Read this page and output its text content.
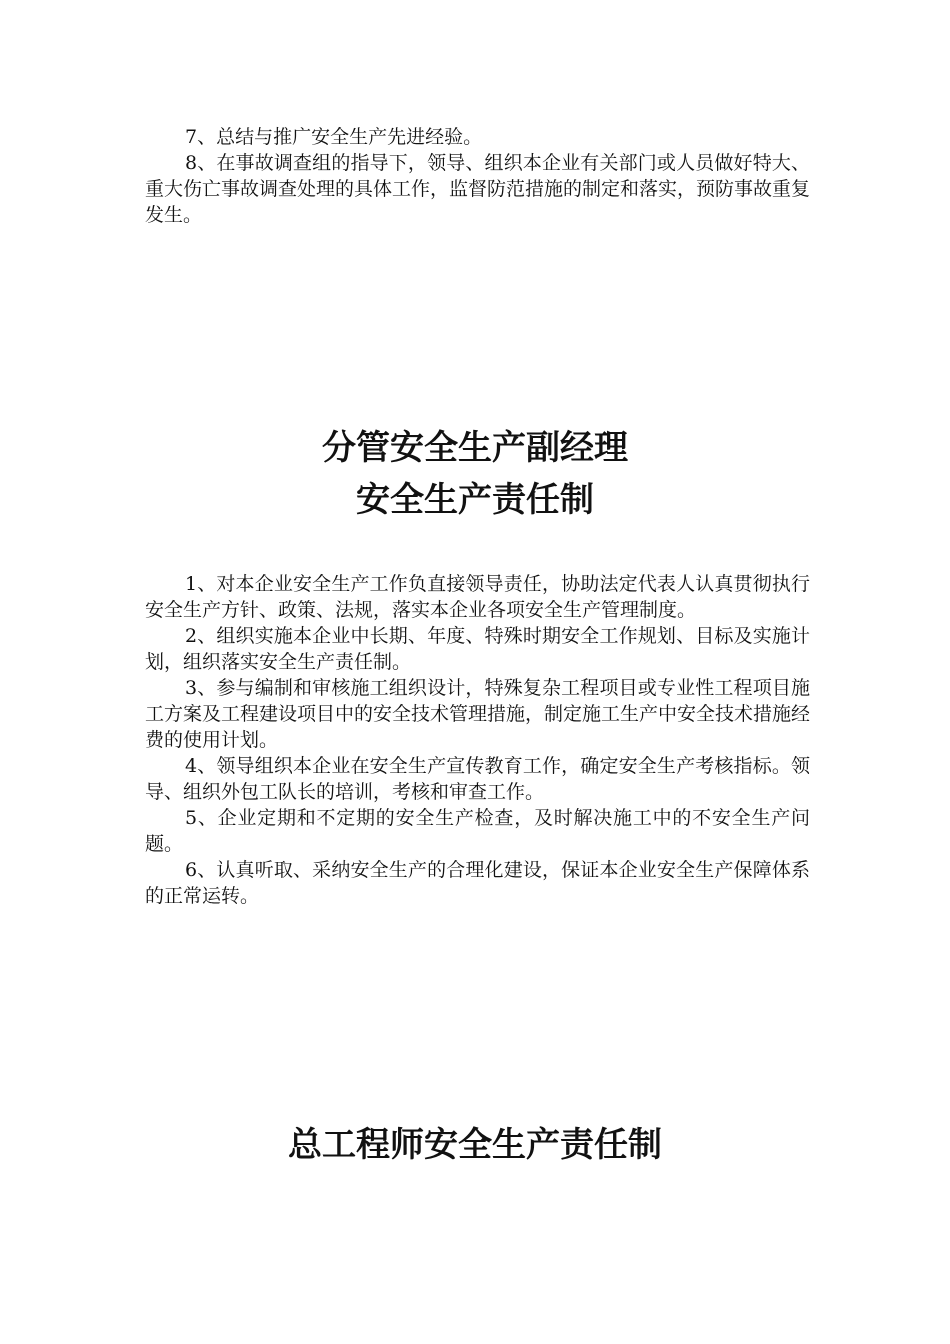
7、总结与推广安全生产先进经验。

8、在事故调查组的指导下，领导、组织本企业有关部门或人员做好特大、重大伤亡事故调查处理的具体工作，监督防范措施的制定和落实，预防事故重复发生。

分管安全生产副经理
安全生产责任制

1、对本企业安全生产工作负直接领导责任，协助法定代表人认真贯彻执行安全生产方针、政策、法规，落实本企业各项安全生产管理制度。

2、组织实施本企业中长期、年度、特殊时期安全工作规划、目标及实施计划，组织落实安全生产责任制。

3、参与编制和审核施工组织设计，特殊复杂工程项目或专业性工程项目施工方案及工程建设项目中的安全技术管理措施，制定施工生产中安全技术措施经费的使用计划。

4、领导组织本企业在安全生产宣传教育工作，确定安全生产考核指标。领导、组织外包工队长的培训，考核和审查工作。

5、企业定期和不定期的安全生产检查，及时解决施工中的不安全生产问题。

6、认真听取、采纳安全生产的合理化建设，保证本企业安全生产保障体系的正常运转。

总工程师安全生产责任制
